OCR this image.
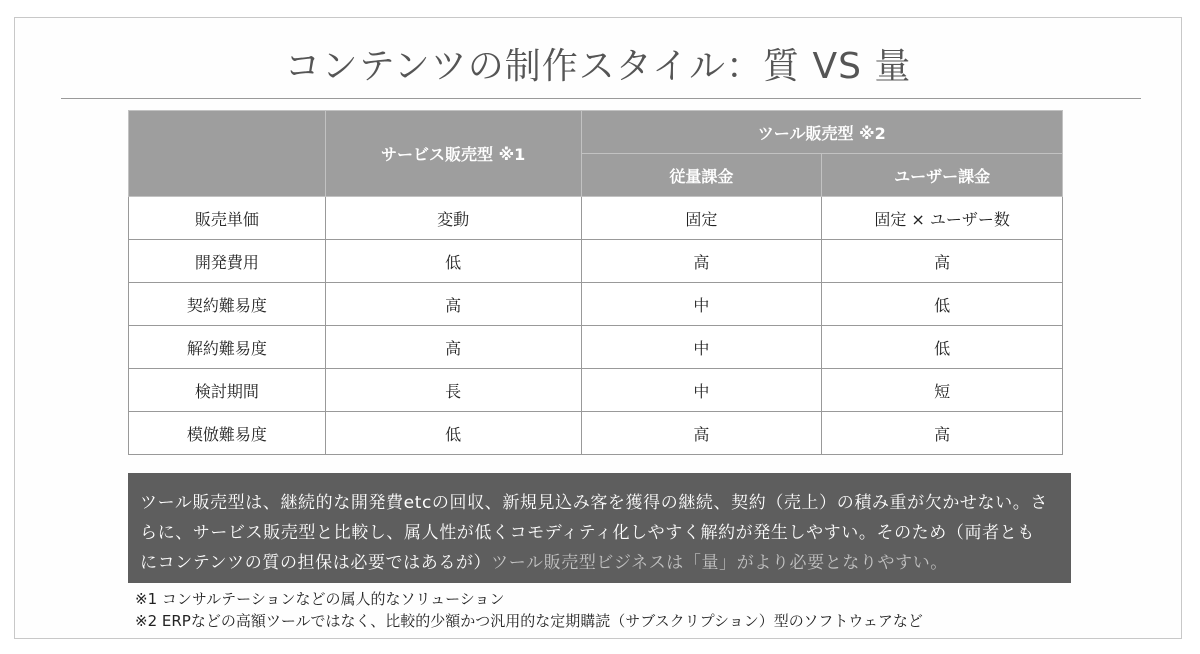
コンテンツの制作スタイル：質 VS 量
	サービス販売型 ※1	ツール販売型 ※2	
		従量課金	ユーザー課金
販売単価	変動	固定	固定 × ユーザー数
開発費用	低	高	高
契約難易度	高	中	低
解約難易度	高	中	低
検討期間	長	中	短
模倣難易度	低	高	高
ツール販売型は、継続的な開発費etcの回収、新規見込み客を獲得の継続、契約（売上）の積み重が欠かせない。さ
らに、サービス販売型と比較し、属人性が低くコモディティ化しやすく解約が発生しやすい。そのため（両者とも
にコンテンツの質の担保は必要ではあるが）ツール販売型ビジネスは「量」がより必要となりやすい。
※1 コンサルテーションなどの属人的なソリューション
※2 ERPなどの高額ツールではなく、比較的少額かつ汎用的な定期購読（サブスクリプション）型のソフトウェアなど
